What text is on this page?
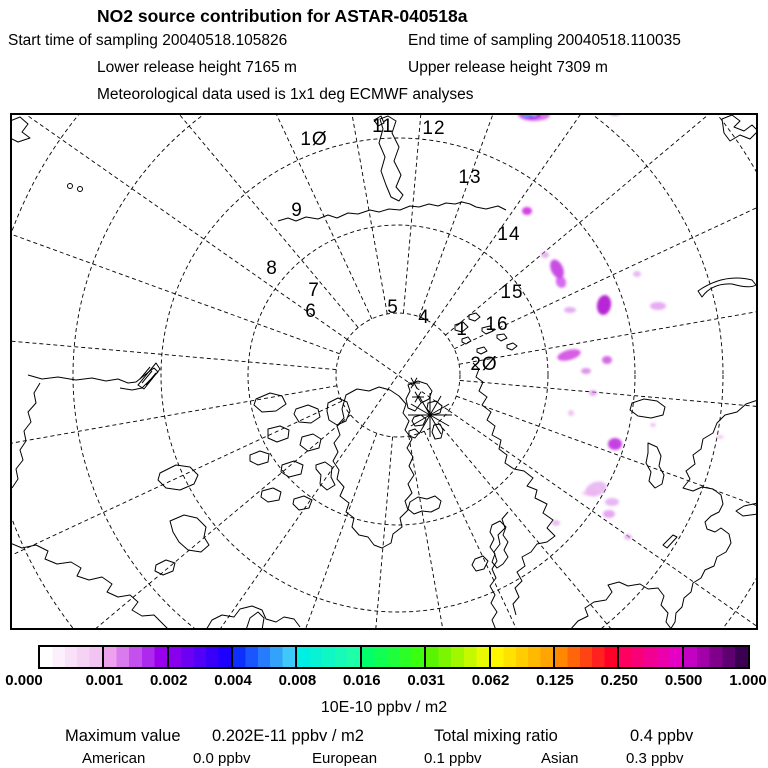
NO2 source contribution for ASTAR-040518a
Start time of sampling 20040518.105826	End time of sampling 20040518.110035
Lower release height 7165 m	Upper release height 7309 m
Meteorological data used is 1x1 deg ECMWF analyses
1Ø
11 12
13
14
15
16
1
2Ø
9
8
7
6	5 4
0.000	0.001 0.002 0.004 0.008 0.016 0.031 0.062 0.125 0.250 0.500 1.000
10E-10 ppbv / m2
Maximum value 0.202E-11 ppbv / m2	Total mixing ratio	0.4 ppbv
American	0.0 ppbv	European	0.1 ppbv	Asian	0.3 ppbv
